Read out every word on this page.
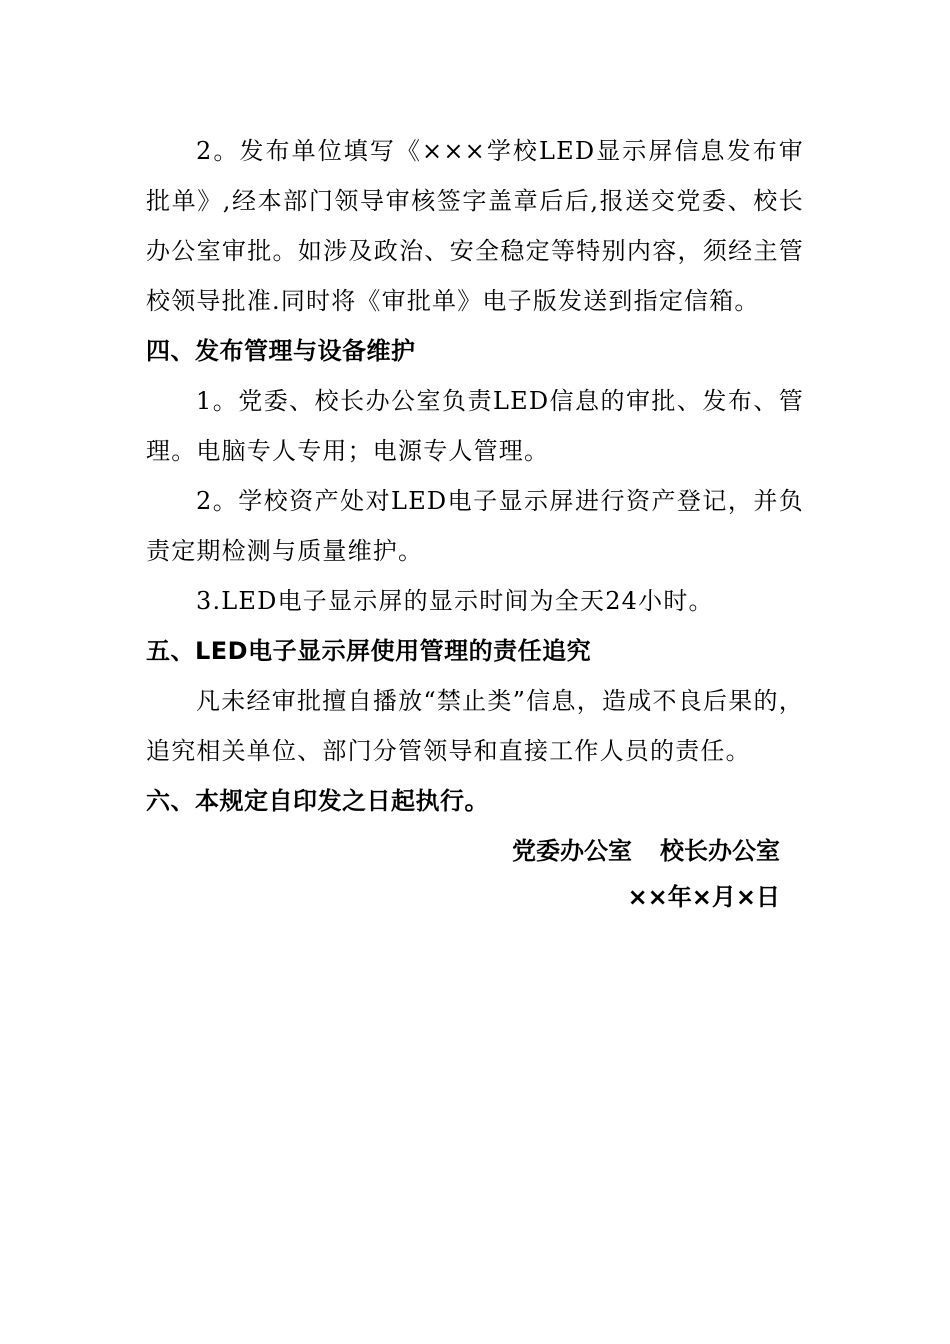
2。发布单位填写《×××学校LED显示屏信息发布审批单》,经本部门领导审核签字盖章后后,报送交党委、校长办公室审批。如涉及政治、安全稳定等特别内容，须经主管校领导批准.同时将《审批单》电子版发送到指定信箱。

四、发布管理与设备维护

1。党委、校长办公室负责LED信息的审批、发布、管理。电脑专人专用；电源专人管理。

2。学校资产处对LED电子显示屏进行资产登记，并负责定期检测与质量维护。

3.LED电子显示屏的显示时间为全天24小时。

五、LED电子显示屏使用管理的责任追究

凡未经审批擅自播放“禁止类”信息，造成不良后果的，追究相关单位、部门分管领导和直接工作人员的责任。

六、本规定自印发之日起执行。

党委办公室 校长办公室

××年×月×日
